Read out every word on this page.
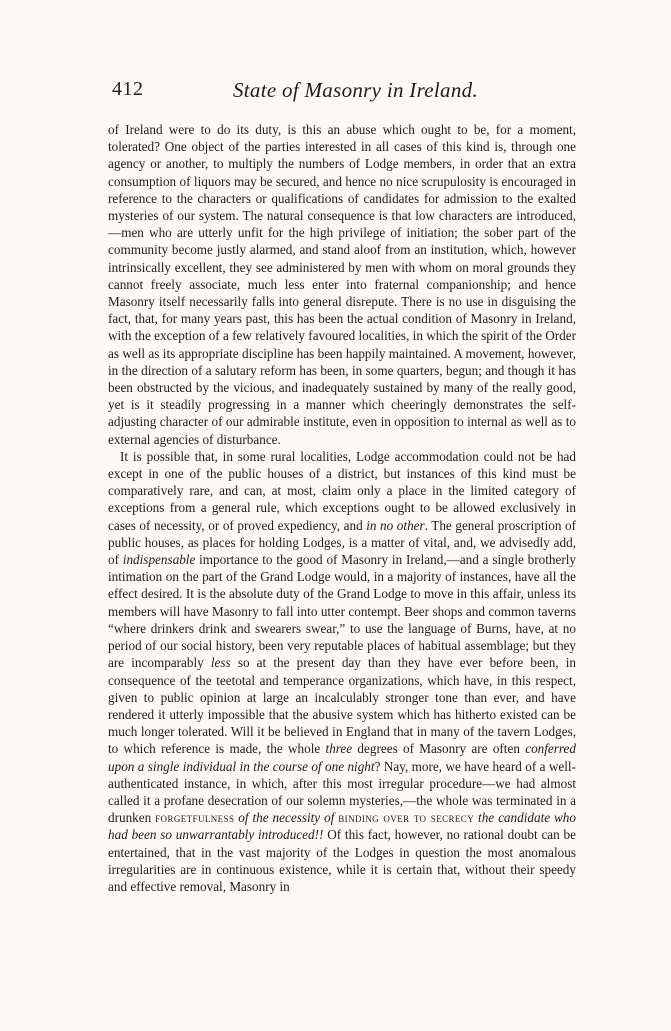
412	State of Masonry in Ireland.

of Ireland were to do its duty, is this an abuse which ought to be, for a moment, tolerated? One object of the parties interested in all cases of this kind is, through one agency or another, to multiply the numbers of Lodge members, in order that an extra consumption of liquors may be secured, and hence no nice scrupulosity is encouraged in reference to the characters or qualifications of candidates for admission to the exalted mysteries of our system. The natural consequence is that low characters are introduced,—men who are utterly unfit for the high privilege of initiation; the sober part of the community become justly alarmed, and stand aloof from an institution, which, however intrinsically excellent, they see administered by men with whom on moral grounds they cannot freely associate, much less enter into fraternal companionship; and hence Masonry itself necessarily falls into general disrepute. There is no use in disguising the fact, that, for many years past, this has been the actual condition of Masonry in Ireland, with the exception of a few relatively favoured localities, in which the spirit of the Order as well as its appropriate discipline has been happily maintained. A movement, however, in the direction of a salutary reform has been, in some quarters, begun; and though it has been obstructed by the vicious, and inadequately sustained by many of the really good, yet is it steadily progressing in a manner which cheeringly demonstrates the self-adjusting character of our admirable institute, even in opposition to internal as well as to external agencies of disturbance.

It is possible that, in some rural localities, Lodge accommodation could not be had except in one of the public houses of a district, but instances of this kind must be comparatively rare, and can, at most, claim only a place in the limited category of exceptions from a general rule, which exceptions ought to be allowed exclusively in cases of necessity, or of proved expediency, and in no other. The general proscription of public houses, as places for holding Lodges, is a matter of vital, and, we advisedly add, of indispensable importance to the good of Masonry in Ireland,—and a single brotherly intimation on the part of the Grand Lodge would, in a majority of instances, have all the effect desired. It is the absolute duty of the Grand Lodge to move in this affair, unless its members will have Masonry to fall into utter contempt. Beer shops and common taverns “where drinkers drink and swearers swear,” to use the language of Burns, have, at no period of our social history, been very reputable places of habitual assemblage; but they are incomparably less so at the present day than they have ever before been, in consequence of the teetotal and temperance organizations, which have, in this respect, given to public opinion at large an incalculably stronger tone than ever, and have rendered it utterly impossible that the abusive system which has hitherto existed can be much longer tolerated. Will it be believed in England that in many of the tavern Lodges, to which reference is made, the whole three degrees of Masonry are often conferred upon a single individual in the course of one night? Nay, more, we have heard of a well-authenticated instance, in which, after this most irregular procedure—we had almost called it a profane desecration of our solemn mysteries,—the whole was terminated in a drunken forgetfulness of the necessity of binding over to secrecy the candidate who had been so unwarrantably introduced!! Of this fact, however, no rational doubt can be entertained, that in the vast majority of the Lodges in question the most anomalous irregularities are in continuous existence, while it is certain that, without their speedy and effective removal, Masonry in
